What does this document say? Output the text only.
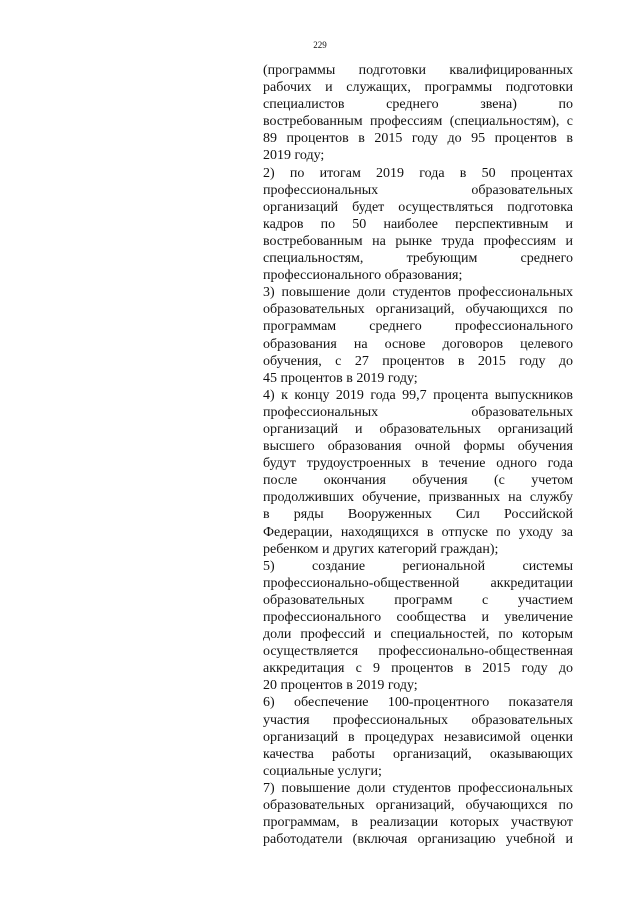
229
(программы подготовки квалифицированных
рабочих и служащих, программы подготовки
специалистов среднего звена) по
востребованным профессиям (специальностям), с
89 процентов в 2015 году до 95 процентов в
2019 году;
2) по итогам 2019 года в 50 процентах
профессиональных образовательных
организаций будет осуществляться подготовка
кадров по 50 наиболее перспективным и
востребованным на рынке труда профессиям и
специальностям, требующим среднего
профессионального образования;
3) повышение доли студентов профессиональных
образовательных организаций, обучающихся по
программам среднего профессионального
образования на основе договоров целевого
обучения, с 27 процентов в 2015 году до
45 процентов в 2019 году;
4) к концу 2019 года 99,7 процента выпускников
профессиональных образовательных
организаций и образовательных организаций
высшего образования очной формы обучения
будут трудоустроенных в течение одного года
после окончания обучения (с учетом
продолживших обучение, призванных на службу
в ряды Вооруженных Сил Российской
Федерации, находящихся в отпуске по уходу за
ребенком и других категорий граждан);
5) создание региональной системы
профессионально-общественной аккредитации
образовательных программ с участием
профессионального сообщества и увеличение
доли профессий и специальностей, по которым
осуществляется профессионально-общественная
аккредитация с 9 процентов в 2015 году до
20 процентов в 2019 году;
6) обеспечение 100-процентного показателя
участия профессиональных образовательных
организаций в процедурах независимой оценки
качества работы организаций, оказывающих
социальные услуги;
7) повышение доли студентов профессиональных
образовательных организаций, обучающихся по
программам, в реализации которых участвуют
работодатели (включая организацию учебной и
